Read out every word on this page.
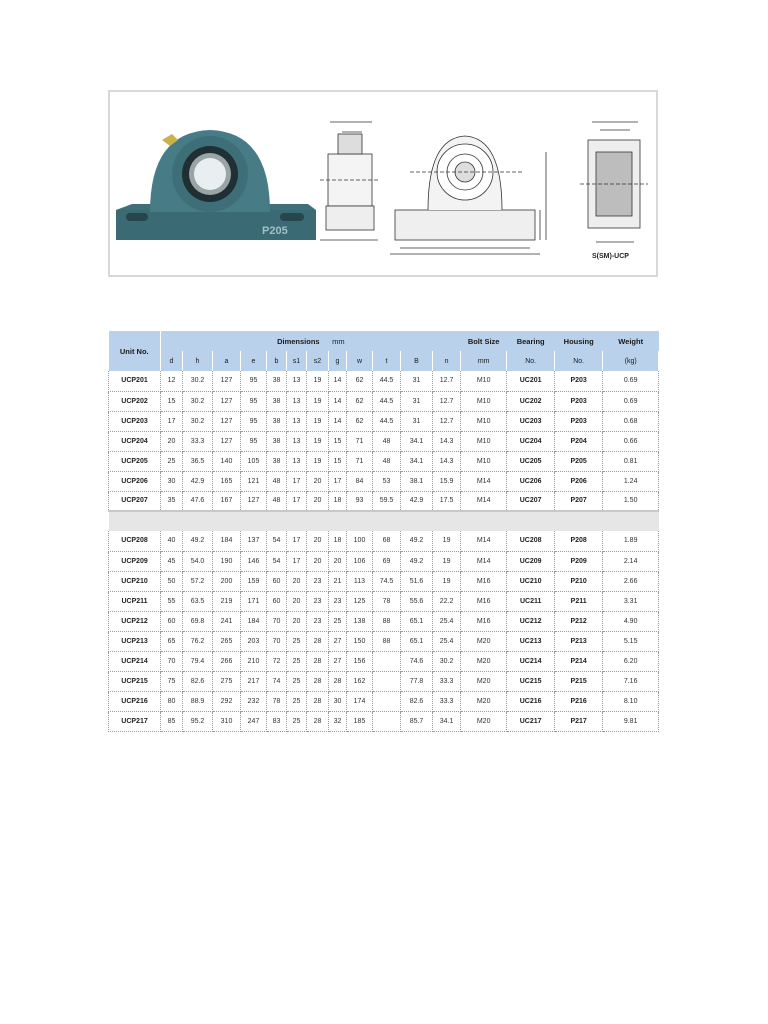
P205
S(SM)-UCP
Unit No.	Dimensions mm												Bolt Size	Bearing	Housing	Weight
	d	h	a	e	b	s1	s2	g	w	t	B	n	mm	No.	No.	(kg)
UCP201	12	30.2	127	95	38	13	19	14	62	44.5	31	12.7	M10	UC201	P203	0.69
UCP202	15	30.2	127	95	38	13	19	14	62	44.5	31	12.7	M10	UC202	P203	0.69
UCP203	17	30.2	127	95	38	13	19	14	62	44.5	31	12.7	M10	UC203	P203	0.68
UCP204	20	33.3	127	95	38	13	19	15	71	48	34.1	14.3	M10	UC204	P204	0.66
UCP205	25	36.5	140	105	38	13	19	15	71	48	34.1	14.3	M10	UC205	P205	0.81
UCP206	30	42.9	165	121	48	17	20	17	84	53	38.1	15.9	M14	UC206	P206	1.24
UCP207	35	47.6	167	127	48	17	20	18	93	59.5	42.9	17.5	M14	UC207	P207	1.50

UCP208	40	49.2	184	137	54	17	20	18	100	68	49.2	19	M14	UC208	P208	1.89
UCP209	45	54.0	190	146	54	17	20	20	106	69	49.2	19	M14	UC209	P209	2.14
UCP210	50	57.2	200	159	60	20	23	21	113	74.5	51.6	19	M16	UC210	P210	2.66
UCP211	55	63.5	219	171	60	20	23	23	125	78	55.6	22.2	M16	UC211	P211	3.31
UCP212	60	69.8	241	184	70	20	23	25	138	88	65.1	25.4	M16	UC212	P212	4.90
UCP213	65	76.2	265	203	70	25	28	27	150	88	65.1	25.4	M20	UC213	P213	5.15
UCP214	70	79.4	266	210	72	25	28	27	156		74.6	30.2	M20	UC214	P214	6.20
UCP215	75	82.6	275	217	74	25	28	28	162		77.8	33.3	M20	UC215	P215	7.16
UCP216	80	88.9	292	232	78	25	28	30	174		82.6	33.3	M20	UC216	P216	8.10
UCP217	85	95.2	310	247	83	25	28	32	185		85.7	34.1	M20	UC217	P217	9.81
